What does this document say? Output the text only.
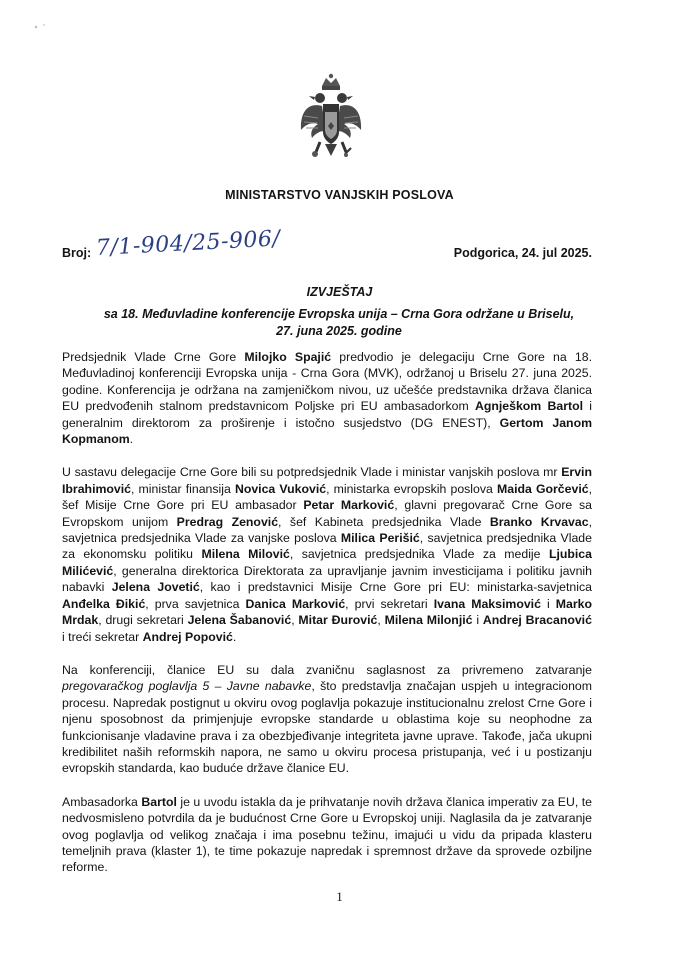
MINISTARSTVO VANJSKIH POSLOVA
Broj: 7/1-904/25-906/	Podgorica, 24. jul 2025.
IZVJEŠTAJ
sa 18. Međuvladine konferencije Evropska unija – Crna Gora održane u Briselu, 27. juna 2025. godine

Predsjednik Vlade Crne Gore Milojko Spajić predvodio je delegaciju Crne Gore na 18. Međuvladinoj konferenciji Evropska unija - Crna Gora (MVK), održanoj u Briselu 27. juna 2025. godine. Konferencija je održana na zamjeničkom nivou, uz učešće predstavnika država članica EU predvođenih stalnom predstavnicom Poljske pri EU ambasadorkom Agnješkom Bartol i generalnim direktorom za proširenje i istočno susjedstvo (DG ENEST), Gertom Janom Kopmanom.

U sastavu delegacije Crne Gore bili su potpredsjednik Vlade i ministar vanjskih poslova mr Ervin Ibrahimović, ministar finansija Novica Vuković, ministarka evropskih poslova Maida Gorčević, šef Misije Crne Gore pri EU ambasador Petar Marković, glavni pregovarač Crne Gore sa Evropskom unijom Predrag Zenović, šef Kabineta predsjednika Vlade Branko Krvavac, savjetnica predsjednika Vlade za vanjske poslova Milica Perišić, savjetnica predsjednika Vlade za ekonomsku politiku Milena Milović, savjetnica predsjednika Vlade za medije Ljubica Milićević, generalna direktorica Direktorata za upravljanje javnim investicijama i politiku javnih nabavki Jelena Jovetić, kao i predstavnici Misije Crne Gore pri EU: ministarka-savjetnica Anđelka Đikić, prva savjetnica Danica Marković, prvi sekretari Ivana Maksimović i Marko Mrdak, drugi sekretari Jelena Šabanović, Mitar Đurović, Milena Milonjić i Andrej Bracanović i treći sekretar Andrej Popović.

Na konferenciji, članice EU su dala zvaničnu saglasnost za privremeno zatvaranje pregovaračkog poglavlja 5 – Javne nabavke, što predstavlja značajan uspjeh u integracionom procesu. Napredak postignut u okviru ovog poglavlja pokazuje institucionalnu zrelost Crne Gore i njenu sposobnost da primjenjuje evropske standarde u oblastima koje su neophodne za funkcionisanje vladavine prava i za obezbjeđivanje integriteta javne uprave. Takođe, jača ukupni kredibilitet naših reformskih napora, ne samo u okviru procesa pristupanja, već i u postizanju evropskih standarda, kao buduće države članice EU.

Ambasadorka Bartol je u uvodu istakla da je prihvatanje novih država članica imperativ za EU, te nedvosmisleno potvrdila da je budućnost Crne Gore u Evropskoj uniji. Naglasila da je zatvaranje ovog poglavlja od velikog značaja i ima posebnu težinu, imajući u vidu da pripada klasteru temeljnih prava (klaster 1), te time pokazuje napredak i spremnost države da sprovede ozbiljne reforme.

1
